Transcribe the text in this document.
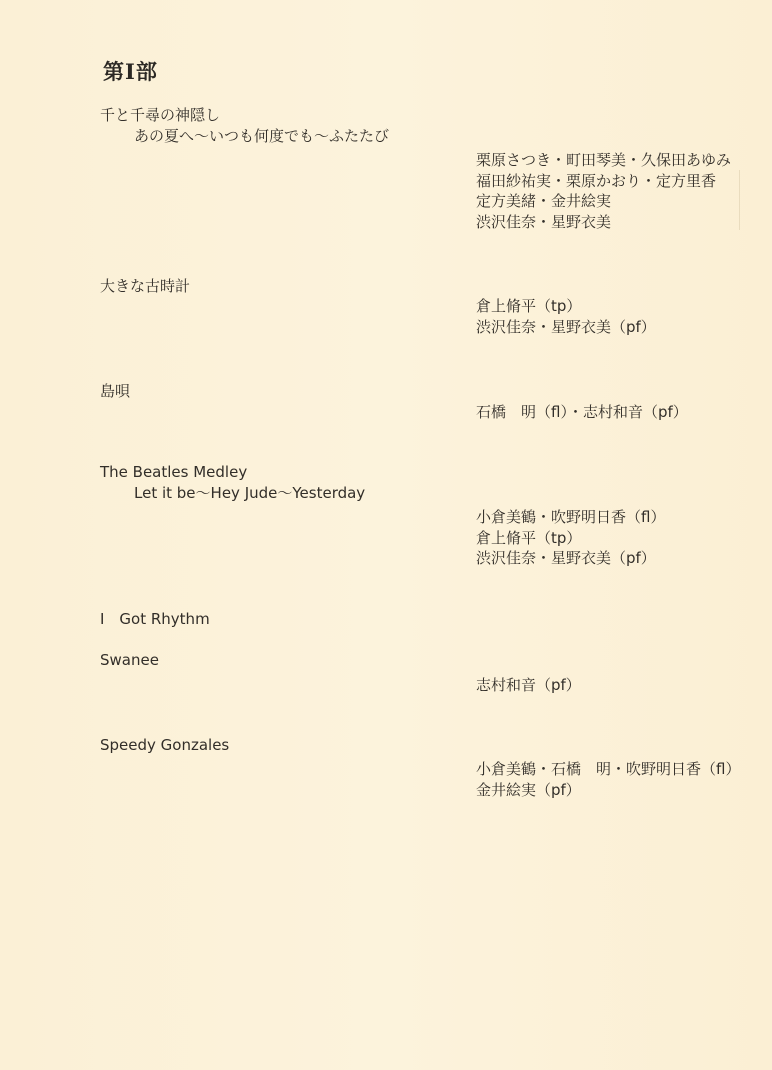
第Ⅰ部
千と千尋の神隠し
あの夏へ～いつも何度でも～ふたたび
栗原さつき・町田琴美・久保田あゆみ
福田紗祐実・栗原かおり・定方里香
定方美緒・金井絵実
渋沢佳奈・星野衣美
大きな古時計
倉上脩平（tp）
渋沢佳奈・星野衣美（pf）
島唄
石橋　明（fl）・志村和音（pf）
The Beatles Medley
Let it be～Hey Jude～Yesterday
小倉美鶴・吹野明日香（fl）
倉上脩平（tp）
渋沢佳奈・星野衣美（pf）
I　Got Rhythm
Swanee
志村和音（pf）
Speedy Gonzales
小倉美鶴・石橋　明・吹野明日香（fl）
金井絵実（pf）
